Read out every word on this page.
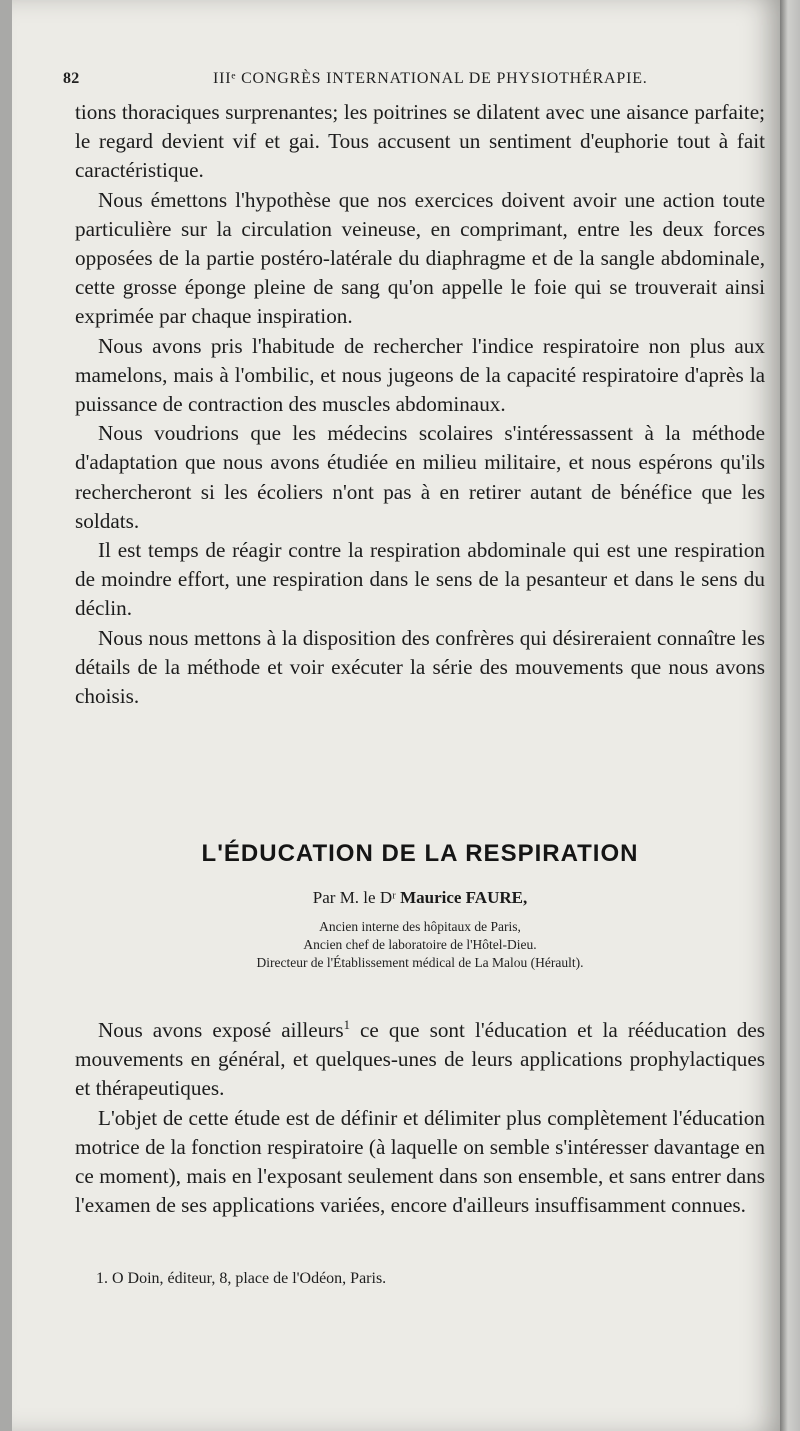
82	IIIᵉ CONGRÈS INTERNATIONAL DE PHYSIOTHÉRAPIE.

tions thoraciques surprenantes; les poitrines se dilatent avec une aisance parfaite; le regard devient vif et gai. Tous accusent un sentiment d'euphorie tout à fait caractéristique.

Nous émettons l'hypothèse que nos exercices doivent avoir une action toute particulière sur la circulation veineuse, en comprimant, entre les deux forces opposées de la partie postéro-latérale du diaphragme et de la sangle abdominale, cette grosse éponge pleine de sang qu'on appelle le foie qui se trouverait ainsi exprimée par chaque inspiration.

Nous avons pris l'habitude de rechercher l'indice respiratoire non plus aux mamelons, mais à l'ombilic, et nous jugeons de la capacité respiratoire d'après la puissance de contraction des muscles abdominaux.

Nous voudrions que les médecins scolaires s'intéressassent à la méthode d'adaptation que nous avons étudiée en milieu militaire, et nous espérons qu'ils rechercheront si les écoliers n'ont pas à en retirer autant de bénéfice que les soldats.

Il est temps de réagir contre la respiration abdominale qui est une respiration de moindre effort, une respiration dans le sens de la pesanteur et dans le sens du déclin.

Nous nous mettons à la disposition des confrères qui désireraient connaître les détails de la méthode et voir exécuter la série des mouvements que nous avons choisis.

L'ÉDUCATION DE LA RESPIRATION
Par M. le Dʳ Maurice FAURE,
Ancien interne des hôpitaux de Paris,
Ancien chef de laboratoire de l'Hôtel-Dieu.
Directeur de l'Établissement médical de La Malou (Hérault).

Nous avons exposé ailleurs$^1$ ce que sont l'éducation et la rééducation des mouvements en général, et quelques-unes de leurs applications prophylactiques et thérapeutiques.

L'objet de cette étude est de définir et délimiter plus complètement l'éducation motrice de la fonction respiratoire (à laquelle on semble s'intéresser davantage en ce moment), mais en l'exposant seulement dans son ensemble, et sans entrer dans l'examen de ses applications variées, encore d'ailleurs insuffisamment connues.

1. O Doin, éditeur, 8, place de l'Odéon, Paris.
